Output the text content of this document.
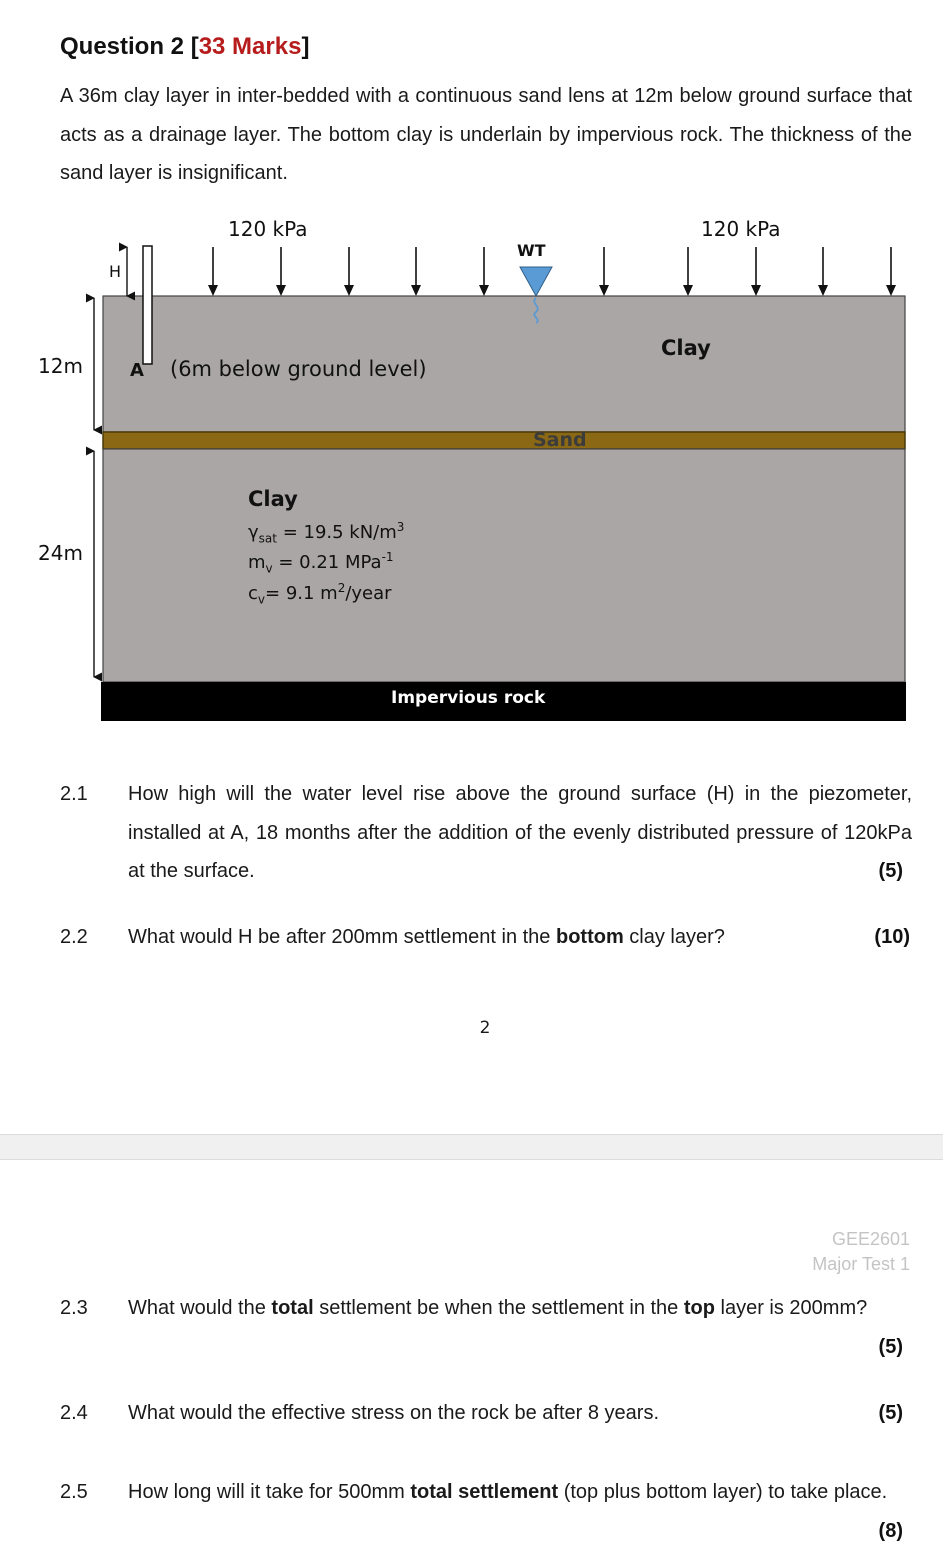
Question 2 [33 Marks]

A 36m clay layer in inter-bedded with a continuous sand lens at 12m below ground surface that acts as a drainage layer. The bottom clay is underlain by impervious rock. The thickness of the sand layer is insignificant.

120 kPa	120 kPa
WT
H
Clay
12m	A (6m below ground level)
Sand
Clay
$\gamma_{sat} = 19.5$ $kN/m^3$
$m_v = 0.21$ MPa$^{-1}$
$c_v= 9.1$ $m^2$/year
24m
Impervious rock
2.1 How high will the water level rise above the ground surface (H) in the piezometer, installed at A, 18 months after the addition of the evenly distributed pressure of 120kPa at the surface.	(5)
2.2 What would H be after 200mm settlement in the bottom clay layer?	(10)
2
GEE2601
Major Test 1
2.3 What would the total settlement be when the settlement in the top layer is 200mm?

(5)
2.4 What would the effective stress on the rock be after 8 years.	(5)
2.5 How long will it take for 500mm total settlement (top plus bottom layer) to take place.

(8)
